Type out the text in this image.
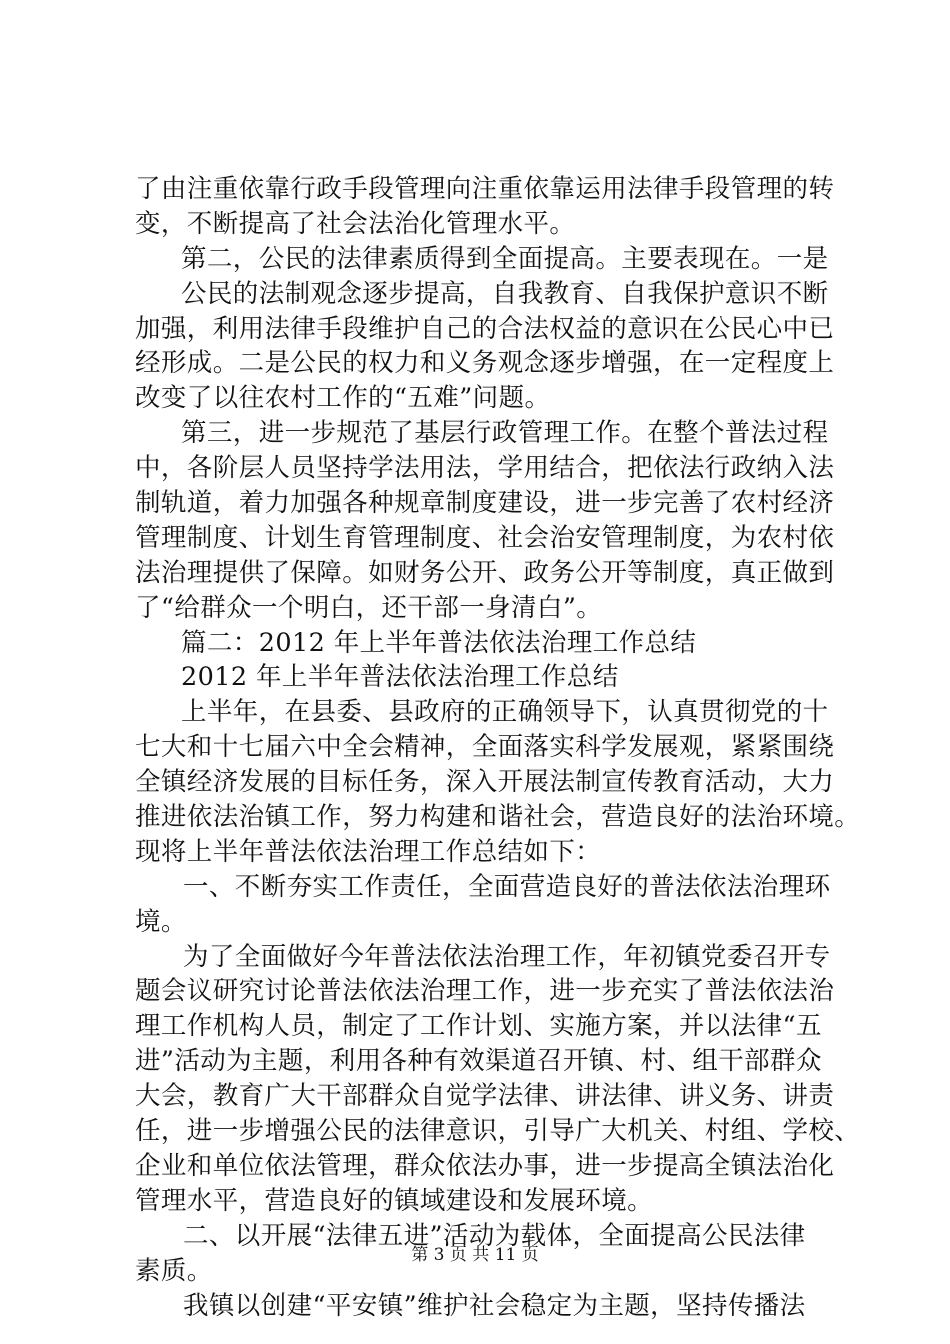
了由注重依靠行政手段管理向注重依靠运用法律手段管理的转
变，不断提高了社会法治化管理水平。
第二，公民的法律素质得到全面提高。主要表现在。一是
公民的法制观念逐步提高，自我教育、自我保护意识不断
加强，利用法律手段维护自己的合法权益的意识在公民心中已
经形成。二是公民的权力和义务观念逐步增强，在一定程度上
改变了以往农村工作的“五难”问题。
第三，进一步规范了基层行政管理工作。在整个普法过程
中，各阶层人员坚持学法用法，学用结合，把依法行政纳入法
制轨道，着力加强各种规章制度建设，进一步完善了农村经济
管理制度、计划生育管理制度、社会治安管理制度，为农村依
法治理提供了保障。如财务公开、政务公开等制度，真正做到
了“给群众一个明白，还干部一身清白”。
篇二：2012 年上半年普法依法治理工作总结
2012 年上半年普法依法治理工作总结
上半年，在县委、县政府的正确领导下，认真贯彻党的十
七大和十七届六中全会精神，全面落实科学发展观，紧紧围绕
全镇经济发展的目标任务，深入开展法制宣传教育活动，大力
推进依法治镇工作，努力构建和谐社会，营造良好的法治环境。
现将上半年普法依法治理工作总结如下：
一、不断夯实工作责任，全面营造良好的普法依法治理环
境。
为了全面做好今年普法依法治理工作，年初镇党委召开专
题会议研究讨论普法依法治理工作，进一步充实了普法依法治
理工作机构人员，制定了工作计划、实施方案，并以法律“五
进”活动为主题，利用各种有效渠道召开镇、村、组干部群众
大会，教育广大干部群众自觉学法律、讲法律、讲义务、讲责
任，进一步增强公民的法律意识，引导广大机关、村组、学校、
企业和单位依法管理，群众依法办事，进一步提高全镇法治化
管理水平，营造良好的镇域建设和发展环境。
二、以开展“法律五进”活动为载体，全面提高公民法律
素质。
我镇以创建“平安镇”维护社会稳定为主题，坚持传播法
第 3 页 共 11 页
